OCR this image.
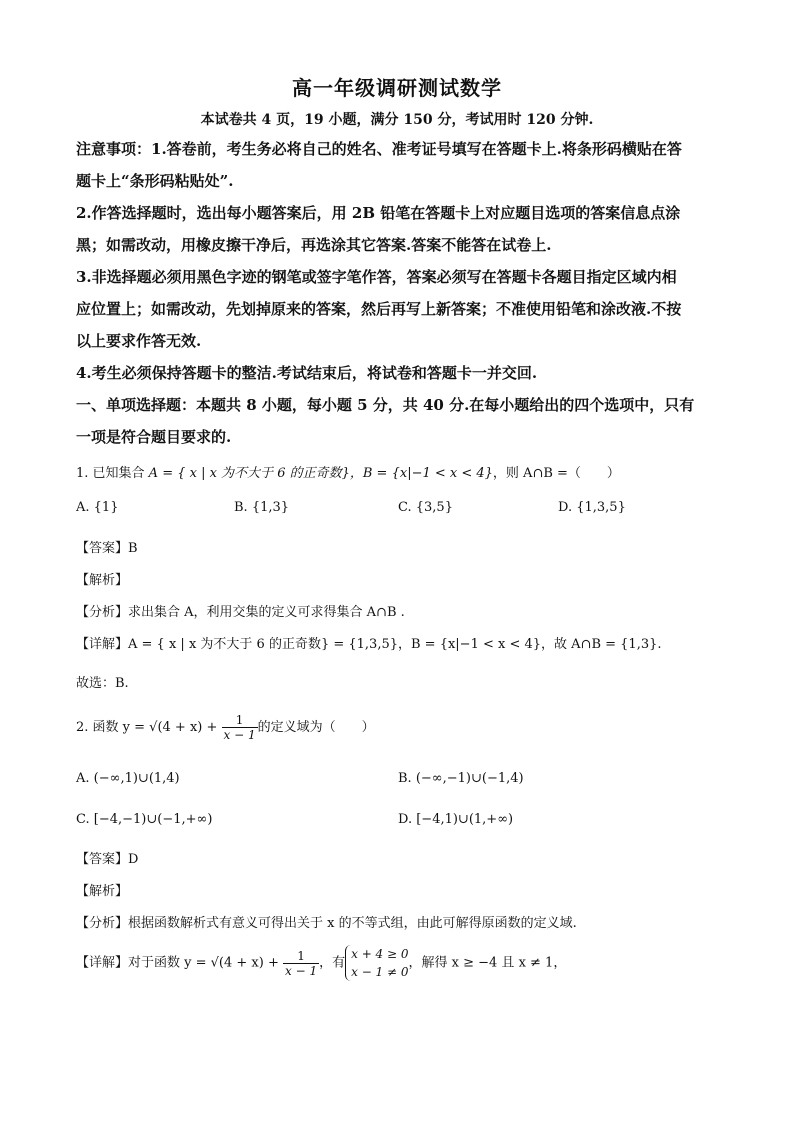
高一年级调研测试数学
本试卷共 4 页，19 小题，满分 150 分，考试用时 120 分钟.
注意事项：1.答卷前，考生务必将自己的姓名、准考证号填写在答题卡上.将条形码横贴在答
题卡上“条形码粘贴处”.
2.作答选择题时，选出每小题答案后，用 2B 铅笔在答题卡上对应题目选项的答案信息点涂
黑；如需改动，用橡皮擦干净后，再选涂其它答案.答案不能答在试卷上.
3.非选择题必须用黑色字迹的钢笔或签字笔作答，答案必须写在答题卡各题目指定区域内相
应位置上；如需改动，先划掉原来的答案，然后再写上新答案；不准使用铅笔和涂改液.不按
以上要求作答无效.
4.考生必须保持答题卡的整洁.考试结束后，将试卷和答题卡一并交回.
一、单项选择题：本题共 8 小题，每小题 5 分，共 40 分.在每小题给出的四个选项中，只有
一项是符合题目要求的.
1. 已知集合 A = { x | x 为不大于 6 的正奇数}，B = {x|−1 < x < 4}，则 A∩B =（　　）
A. {1}	B. {1,3}	C. {3,5}	D. {1,3,5}
【答案】B
【解析】
【分析】求出集合 A，利用交集的定义可求得集合 A∩B .
【详解】A = { x | x 为不大于 6 的正奇数} = {1,3,5}，B = {x|−1 < x < 4}，故 A∩B = {1,3}.
故选：B.
2. 函数 $y = √(4 + x) + \frac{1}{x - 1}$ 的定义域为（　　）
A. (−∞,1)∪(1,4)	B. (−∞,−1)∪(−1,4)
C. [−4,−1)∪(−1,+∞)	D. [−4,1)∪(1,+∞)
【答案】D
【解析】
【分析】根据函数解析式有意义可得出关于 x 的不等式组，由此可解得原函数的定义域.
【详解】对于函数 $y = √(4 + x) + \frac{1}{x - 1}$ ，有
x + 4 ≥ 0
x − 1 ≠ 0
，解得 x ≥ −4 且 x ≠ 1，
